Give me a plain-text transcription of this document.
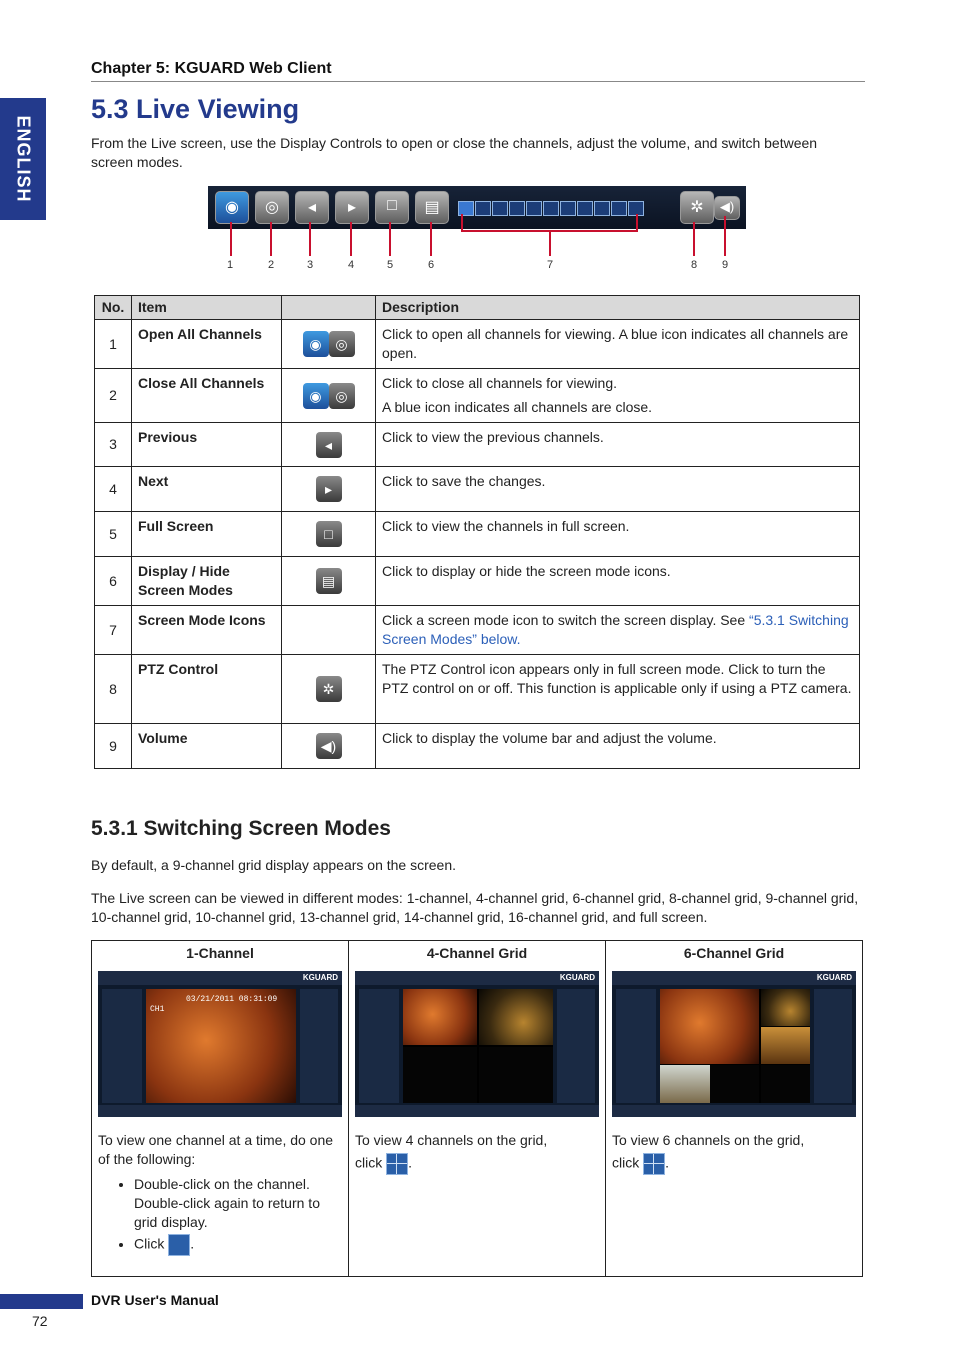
ENGLISH
Chapter 5: KGUARD Web Client
5.3 Live Viewing
From the Live screen, use the Display Controls to open or close the channels, adjust the volume, and switch between screen modes.
◉	◎	◂	▸	□	▤	✲	◀)
1	2	3	4	5	6	7	8 9
No.	Item		Description
1	Open All Channels	◉ ◎	Click to open all channels for viewing. A blue icon indicates all channels are open.
2	Close All Channels	◉ ◎	Click to close all channels for viewing.
A blue icon indicates all channels are close.

3	Previous	◂	Click to view the previous channels.
4	Next	▸	Click to save the changes.
5	Full Screen	□	Click to view the channels in full screen.
6	Display / Hide Screen Modes	▤	Click to display or hide the screen mode icons.
7	Screen Mode Icons		Click a screen mode icon to switch the screen display. See “5.3.1 Switching Screen Modes” below.
8	PTZ Control	✲	The PTZ Control icon appears only in full screen mode. Click to turn the PTZ control on or off. This function is applicable only if using a PTZ camera.
9	Volume	◀)	Click to display the volume bar and adjust the volume.
5.3.1 Switching Screen Modes
By default, a 9-channel grid display appears on the screen.
The Live screen can be viewed in different modes: 1-channel, 4-channel grid, 6-channel grid, 8-channel grid, 9-channel grid, 10-channel grid, 10-channel grid, 13-channel grid, 14-channel grid, 16-channel grid, and full screen.
1-Channel
KGUARD
CH1
03/21/2011 08:31:09
To view one channel at a time, do one of the following:
• Double-click on the channel. Double-click again to return to grid display.
• Click .

4-Channel Grid
KGUARD
To view 4 channels on the grid,
click .

6-Channel Grid
KGUARD
To view 6 channels on the grid,
click .
DVR User's Manual
72
